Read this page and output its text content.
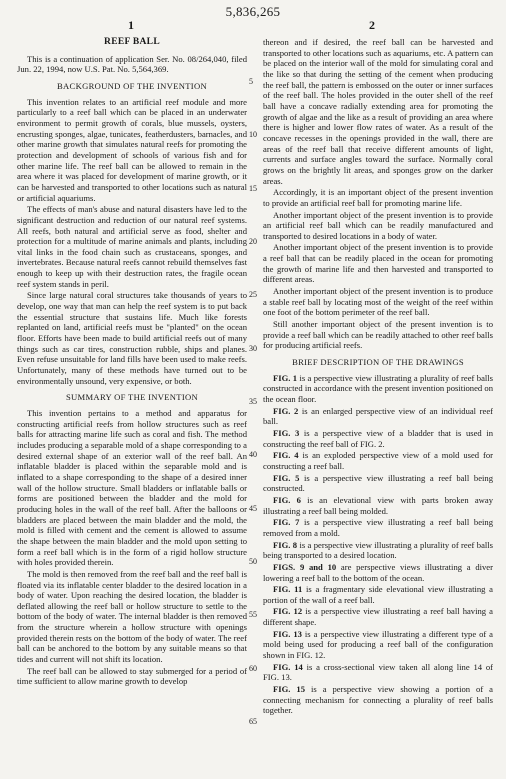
5,836,265
1	2
5
10
15
20
25
30
35
40
45
50
55
60
65
REEF BALL

This is a continuation of application Ser. No. 08/264,040, filed Jun. 22, 1994, now U.S. Pat. No. 5,564,369.

BACKGROUND OF THE INVENTION

This invention relates to an artificial reef module and more particularly to a reef ball which can be placed in an underwater environment to permit growth of corals, blue mussels, oysters, encrusting sponges, algae, tunicates, featherdusters, barnacles, and other marine growth that simulates natural reefs for promoting the protection and development of schools of various fish and for other marine life. The reef ball can be allowed to remain in the area where it was placed for development of marine growth, or it can be harvested and transported to other locations such as natural or artificial aquariums.

The effects of man's abuse and natural disasters have led to the significant destruction and reduction of our natural reef systems. All reefs, both natural and artificial serve as food, shelter and protection for a multitude of marine animals and plants, including vital links in the food chain such as crustaceans, sponges, and invertebrates. Because natural reefs cannot rebuild themselves fast enough to keep up with their destruction rates, the fragile ocean reef system stands in peril.

Since large natural coral structures take thousands of years to develop, one way that man can help the reef system is to put back the essential structure that sustains life. Much like forests replanted on land, artificial reefs must be "planted" on the ocean floor. Efforts have been made to build artificial reefs out of many things such as car tires, construction rubble, ships and planes. Even refuse unsuitable for land fills have been used to make reefs. Unfortunately, many of these methods have turned out to be environmentally unsound, very expensive, or both.

SUMMARY OF THE INVENTION

This invention pertains to a method and apparatus for constructing artificial reefs from hollow structures such as reef balls for attracting marine life such as coral and fish. The method includes producing a separable mold of a shape corresponding to a desired external shape of an exterior wall of the reef ball. An inflatable bladder is placed within the separable mold and is inflated to a shape corresponding to the shape of a desired inner wall of the hollow structure. Small bladders or inflatable balls or forms are positioned between the bladder and the mold for producing holes in the wall of the reef ball. After the balloons or bladders are placed between the main bladder and the mold, the mold is filled with cement and the cement is allowed to assume the shape between the main bladder and the mold upon setting to form a reef ball which is in the form of a rigid hollow structure with holes provided therein.

The mold is then removed from the reef ball and the reef ball is floated via its inflatable center bladder to the desired location in a body of water. Upon reaching the desired location, the bladder is deflated allowing the reef ball or hollow structure to settle to the bottom of the body of water. The internal bladder is then removed from the structure wherein a hollow structure with openings provided therein rests on the bottom of the body of water. The reef ball can be anchored to the bottom by any suitable means so that tides and current will not shift its location.

The reef ball can be allowed to stay submerged for a period of time sufficient to allow marine growth to develop

thereon and if desired, the reef ball can be harvested and transported to other locations such as aquariums, etc. A pattern can be placed on the interior wall of the mold for simulating coral and the like so that during the setting of the cement when producing the reef ball, the pattern is embossed on the outer or inner surfaces of the reef ball. The holes provided in the outer shell of the reef ball have a concave radially extending area for promoting the growth of algae and the like as a result of providing an area where there is higher and lower flow rates of water. As a result of the concave recesses in the openings provided in the wall, there are areas of the reef ball that receive different amounts of light, currents and surface angles toward the surface. Normally coral grows on the brightly lit areas, and sponges grow on the darker areas.

Accordingly, it is an important object of the present invention to provide an artificial reef ball for promoting marine life.

Another important object of the present invention is to provide an artificial reef ball which can be readily manufactured and transported to desired locations in a body of water.

Another important object of the present invention is to provide a reef ball that can be readily placed in the ocean for promoting the growth of marine life and then harvested and transported to different areas.

Another important object of the present invention is to produce a stable reef ball by locating most of the weight of the reef within one foot of the bottom perimeter of the reef ball.

Still another important object of the present invention is to provide a reef ball which can be readily attached to other reef balls for producing artificial reefs.

BRIEF DESCRIPTION OF THE DRAWINGS

FIG. 1 is a perspective view illustrating a plurality of reef balls constructed in accordance with the present invention positioned on the ocean floor.

FIG. 2 is an enlarged perspective view of an individual reef ball.

FIG. 3 is a perspective view of a bladder that is used in constructing the reef ball of FIG. 2.

FIG. 4 is an exploded perspective view of a mold used for constructing a reef ball.

FIG. 5 is a perspective view illustrating a reef ball being constructed.

FIG. 6 is an elevational view with parts broken away illustrating a reef ball being molded.

FIG. 7 is a perspective view illustrating a reef ball being removed from a mold.

FIG. 8 is a perspective view illustrating a plurality of reef balls being transported to a desired location.

FIGS. 9 and 10 are perspective views illustrating a diver lowering a reef ball to the bottom of the ocean.

FIG. 11 is a fragmentary side elevational view illustrating a portion of the wall of a reef ball.

FIG. 12 is a perspective view illustrating a reef ball having a different shape.

FIG. 13 is a perspective view illustrating a different type of a mold being used for producing a reef ball of the configuration shown in FIG. 12.

FIG. 14 is a cross-sectional view taken all along line 14 of FIG. 13.

FIG. 15 is a perspective view showing a portion of a connecting mechanism for connecting a plurality of reef balls together.
